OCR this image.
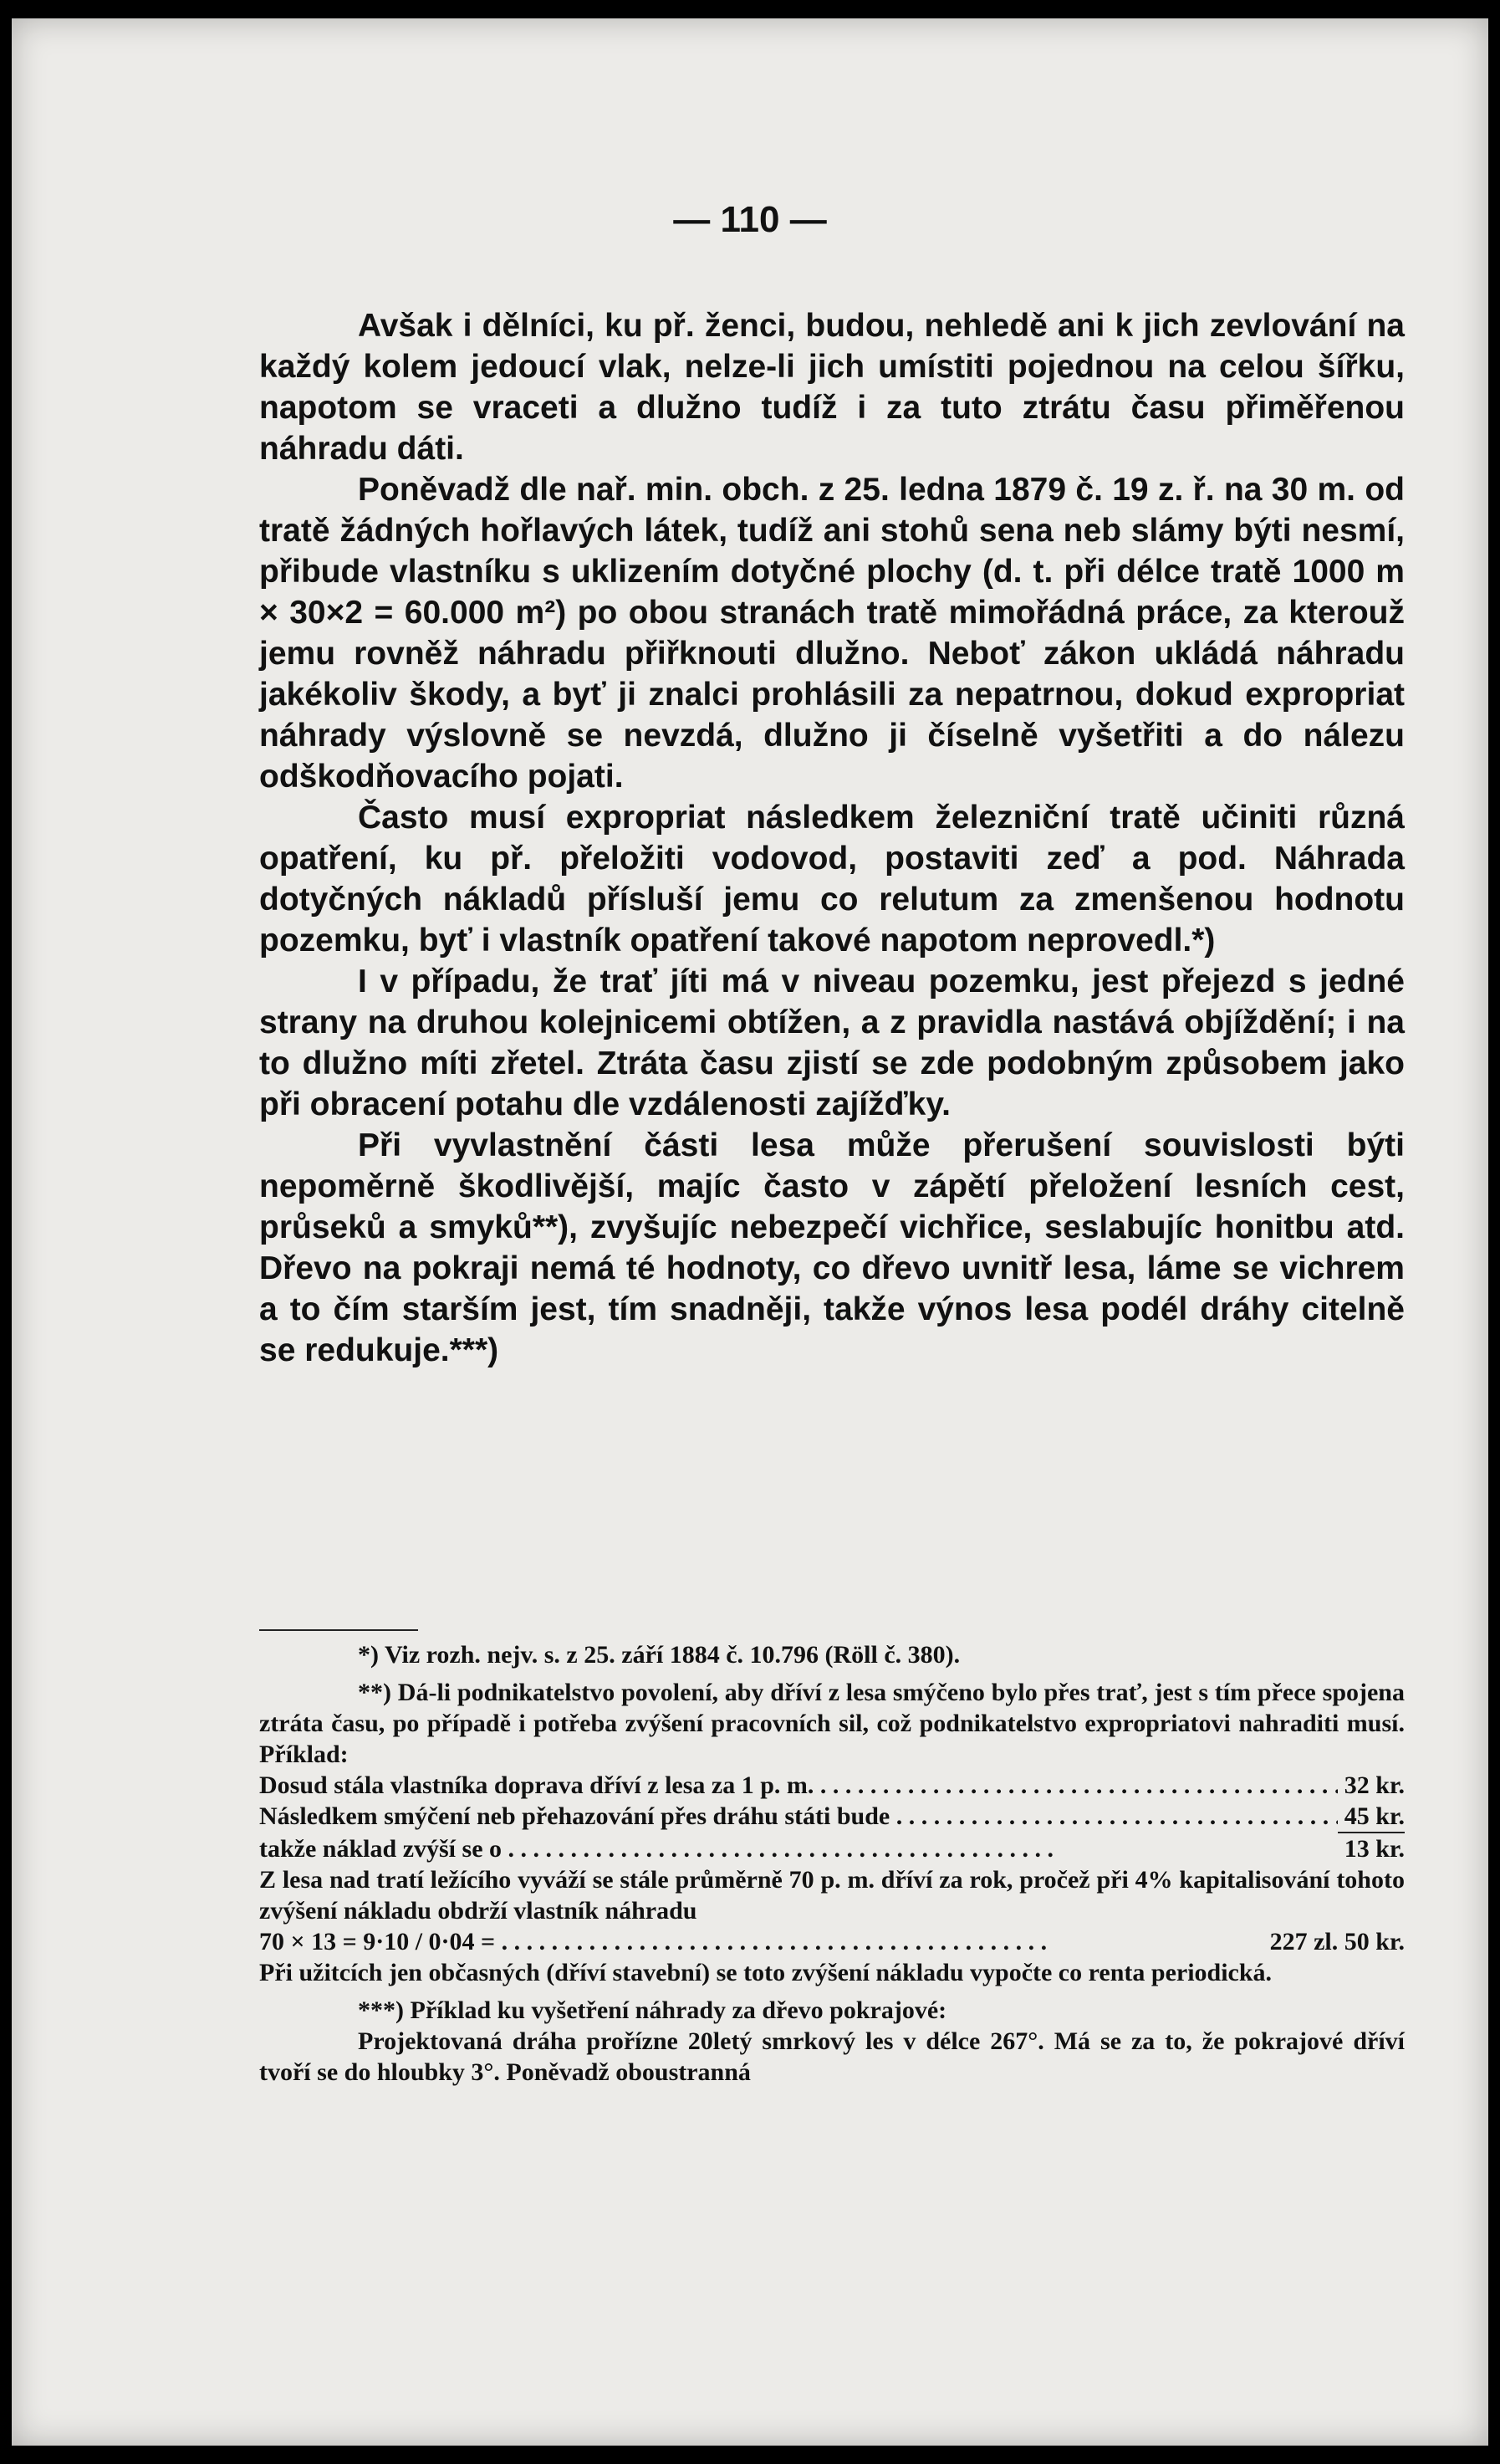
— 110 —

Avšak i dělníci, ku př. ženci, budou, nehledě ani k jich zevlování na každý kolem jedoucí vlak, nelze-li jich umístiti pojednou na celou šířku, napotom se vraceti a dlužno tudíž i za tuto ztrátu času přiměřenou náhradu dáti.

Poněvadž dle nař. min. obch. z 25. ledna 1879 č. 19 z. ř. na 30 m. od tratě žádných hořlavých látek, tudíž ani stohů sena neb slámy býti nesmí, přibude vlastníku s uklizením dotyčné plochy (d. t. při délce tratě 1000 m × 30×2 = 60.000 m²) po obou stranách tratě mimořádná práce, za kterouž jemu rovněž náhradu přiřknouti dlužno. Neboť zákon ukládá náhradu jakékoliv škody, a byť ji znalci prohlásili za nepatrnou, dokud expropriat náhrady výslovně se nevzdá, dlužno ji číselně vyšetřiti a do nálezu odškodňovacího pojati.

Často musí expropriat následkem železniční tratě učiniti různá opatření, ku př. přeložiti vodovod, postaviti zeď a pod. Náhrada dotyčných nákladů přísluší jemu co relutum za zmenšenou hodnotu pozemku, byť i vlastník opatření takové napotom neprovedl.*)

I v případu, že trať jíti má v niveau pozemku, jest přejezd s jedné strany na druhou kolejnicemi obtížen, a z pravidla nastává objíždění; i na to dlužno míti zřetel. Ztráta času zjistí se zde podobným způsobem jako při obracení potahu dle vzdálenosti zajížďky.

Při vyvlastnění části lesa může přerušení souvislosti býti nepoměrně škodlivější, majíc často v zápětí přeložení lesních cest, průseků a smyků**), zvyšujíc nebezpečí vichřice, seslabujíc honitbu atd. Dřevo na pokraji nemá té hodnoty, co dřevo uvnitř lesa, láme se vichrem a to čím starším jest, tím snadněji, takže výnos lesa podél dráhy citelně se redukuje.***)

*) Viz rozh. nejv. s. z 25. září 1884 č. 10.796 (Röll č. 380).

**) Dá-li podnikatelstvo povolení, aby dříví z lesa smýčeno bylo přes trať, jest s tím přece spojena ztráta času, po případě i potřeba zvýšení pracovních sil, což podnikatelstvo expropriatovi nahraditi musí. Příklad:

Dosud stála vlastníka doprava dříví z lesa za 1 p. m. . . .	32 kr.
Následkem smýčení neb přehazování přes dráhu státi bude . . .	45 kr.
takže náklad zvýší se o . . .	13 kr.

Z lesa nad tratí ležícího vyváží se stále průměrně 70 p. m. dříví za rok, pročež při 4% kapitalisování tohoto zvýšení nákladu obdrží vlastník náhradu

70 × 13 = 9·10 / 0·04 = . . .	227 zl. 50 kr.

Při užitcích jen občasných (dříví stavební) se toto zvýšení nákladu vypočte co renta periodická.

***) Příklad ku vyšetření náhrady za dřevo pokrajové:

Projektovaná dráha prořízne 20letý smrkový les v délce 267°. Má se za to, že pokrajové dříví tvoří se do hloubky 3°. Poněvadž oboustranná
